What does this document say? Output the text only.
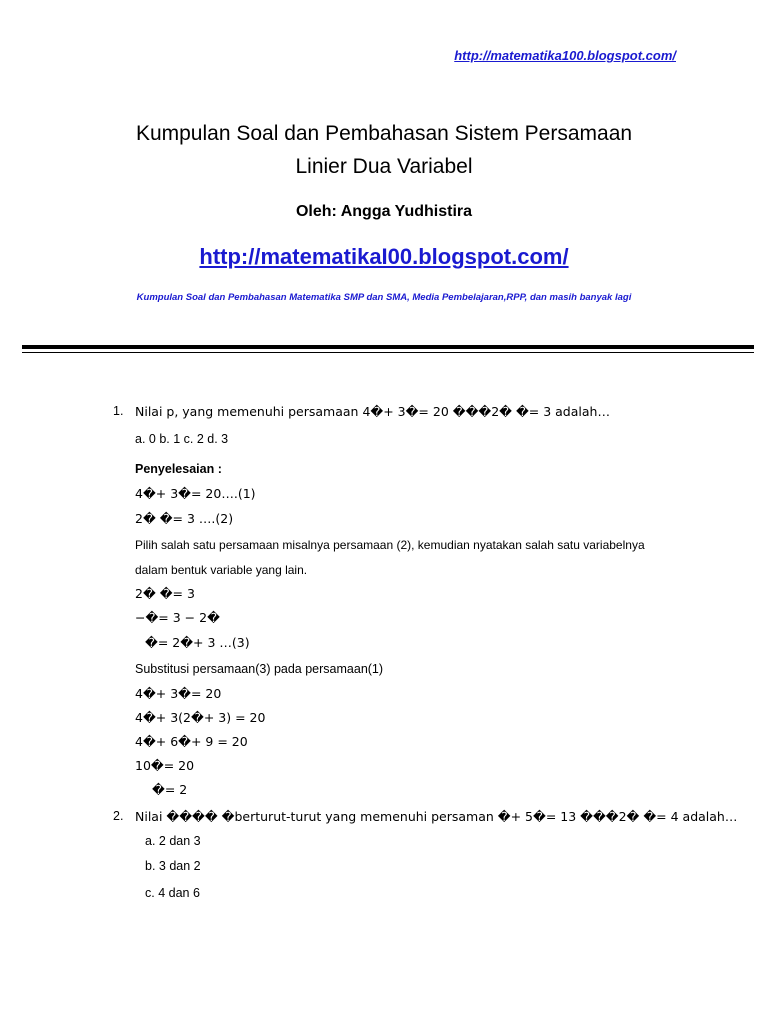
http://matematika100.blogspot.com/
Kumpulan Soal dan Pembahasan Sistem Persamaan
Linier Dua Variabel
Oleh: Angga Yudhistira
http://matematikaI00.blogspot.com/
Kumpulan Soal dan Pembahasan Matematika SMP dan SMA, Media Pembelajaran,RPP, dan masih banyak lagi
1. Nilai p, yang memenuhi persamaan 4�+ 3�= 20 ���2� �= 3 adalah…
a. 0 b. 1 c. 2 d. 3
Penyelesaian :
4�+ 3�= 20….(1)
2� �= 3 ….(2)
Pilih salah satu persamaan misalnya persamaan (2), kemudian nyatakan salah satu variabelnya
dalam bentuk variable yang lain.
2� �= 3
−�= 3 − 2�
�= 2�+ 3 …(3)
Substitusi persamaan(3) pada persamaan(1)
4�+ 3�= 20
4�+ 3(2�+ 3) = 20
4�+ 6�+ 9 = 20
10�= 20
�= 2
2. Nilai ���� �berturut-turut yang memenuhi persaman �+ 5�= 13 ���2� �= 4 adalah…
a. 2 dan 3
b. 3 dan 2
c. 4 dan 6
